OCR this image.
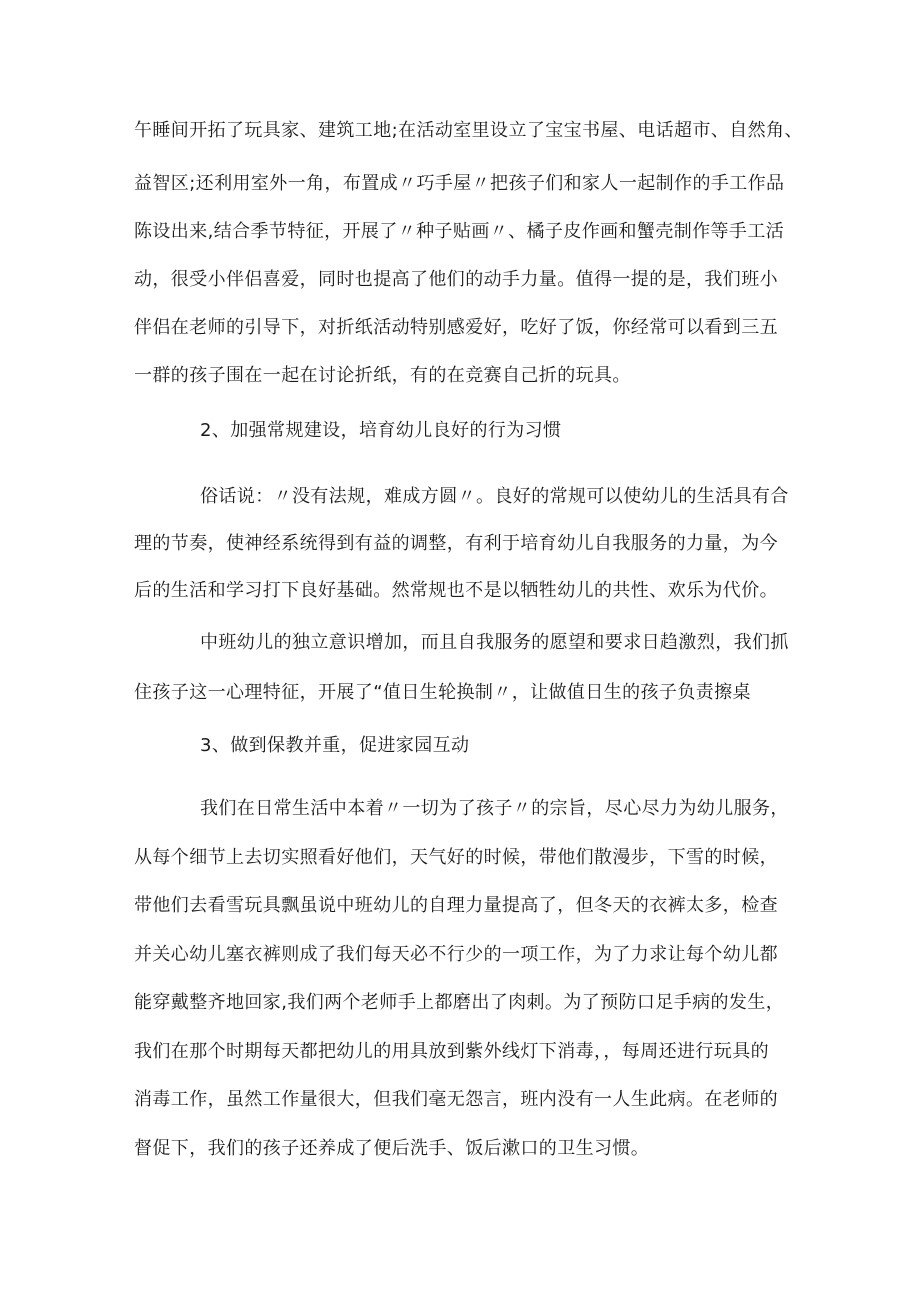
午睡间开拓了玩具家、建筑工地;在活动室里设立了宝宝书屋、电话超市、自然角、
益智区;还利用室外一角，布置成〃巧手屋〃把孩子们和家人一起制作的手工作品
陈设出来,结合季节特征，开展了〃种子贴画〃、橘子皮作画和蟹壳制作等手工活
动，很受小伴侣喜爱，同时也提高了他们的动手力量。值得一提的是，我们班小
伴侣在老师的引导下，对折纸活动特别感爱好，吃好了饭，你经常可以看到三五
一群的孩子围在一起在讨论折纸，有的在竞赛自己折的玩具。
2、加强常规建设，培育幼儿良好的行为习惯
俗话说：〃没有法规，难成方圆〃。良好的常规可以使幼儿的生活具有合
理的节奏，使神经系统得到有益的调整，有利于培育幼儿自我服务的力量，为今
后的生活和学习打下良好基础。然常规也不是以牺牲幼儿的共性、欢乐为代价。
中班幼儿的独立意识增加，而且自我服务的愿望和要求日趋激烈，我们抓
住孩子这一心理特征，开展了“值日生轮换制〃，让做值日生的孩子负责擦桌
3、做到保教并重，促进家园互动
我们在日常生活中本着〃一切为了孩子〃的宗旨，尽心尽力为幼儿服务，
从每个细节上去切实照看好他们，天气好的时候，带他们散漫步，下雪的时候，
带他们去看雪玩具飘虽说中班幼儿的自理力量提高了，但冬天的衣裤太多，检查
并关心幼儿塞衣裤则成了我们每天必不行少的一项工作，为了力求让每个幼儿都
能穿戴整齐地回家,我们两个老师手上都磨出了肉刺。为了预防口足手病的发生，
我们在那个时期每天都把幼儿的用具放到紫外线灯下消毒，，每周还进行玩具的
消毒工作，虽然工作量很大，但我们毫无怨言，班内没有一人生此病。在老师的
督促下，我们的孩子还养成了便后洗手、饭后漱口的卫生习惯。
